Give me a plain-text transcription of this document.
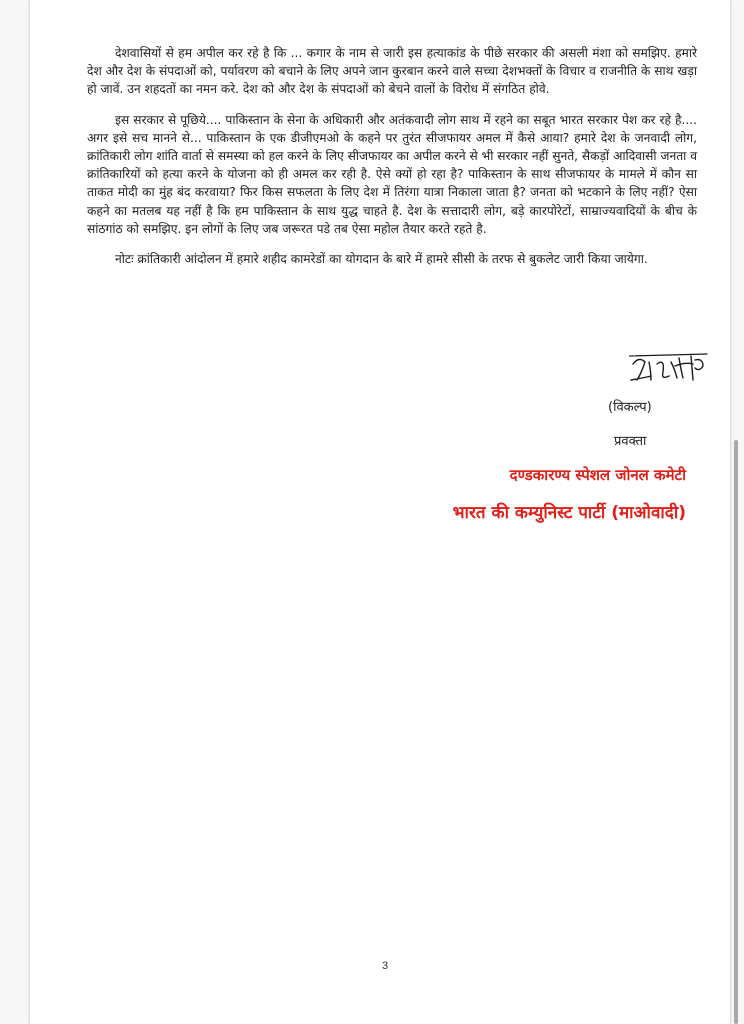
देशवासियों से हम अपील कर रहे है कि ... कगार के नाम से जारी इस हत्याकांड के पीछे सरकार की असली मंशा को समझिए. हमारे देश और देश के संपदाओं को, पर्यावरण को बचाने के लिए अपने जान कुरबान करने वाले सच्चा देशभक्तों के विचार व राजनीति के साथ खड़ा हो जावें. उन शहदतों का नमन करे. देश को और देश के संपदाओं को बेचने वालों के विरोध में संगठित होवे.

इस सरकार से पूछिये.... पाकिस्तान के सेना के अधिकारी और अतंकवादी लोग साथ में रहने का सबूत भारत सरकार पेश कर रहे है.... अगर इसे सच मानने से... पाकिस्तान के एक डीजीएमओ के कहने पर तुरंत सीजफायर अमल में कैसे आया? हमारे देश के जनवादी लोग, क्रांतिकारी लोग शांति वार्ता से समस्या को हल करने के लिए सीजफायर का अपील करने से भी सरकार नहीं सुनते, सैकड़ों आदिवासी जनता व क्रांतिकारियों को हत्या करने के योजना को ही अमल कर रही है. ऐसे क्यों हो रहा है? पाकिस्तान के साथ सीजफायर के मामले में कौन सा ताकत मोदी का मुंह बंद करवाया? फिर किस सफलता के लिए देश में तिरंगा यात्रा निकाला जाता है? जनता को भटकाने के लिए नहीं? ऐसा कहने का मतलब यह नहीं है कि हम पाकिस्तान के साथ युद्ध चाहते है. देश के सत्तादारी लोग, बड़े कारपोरेटों, साम्राज्यवादियों के बीच के सांठगांठ को समझिए. इन लोगों के लिए जब जरूरत पडे तब ऐसा महोल तैयार करते रहते है.

नोटः क्रांतिकारी आंदोलन में हमारे शहीद कामरेडों का योगदान के बारे में हामरे सीसी के तरफ से बुकलेट जारी किया जायेगा.

(विकल्प)
प्रवक्ता
दण्डकारण्य स्पेशल जोनल कमेटी
भारत की कम्युनिस्ट पार्टी (माओवादी)
3
